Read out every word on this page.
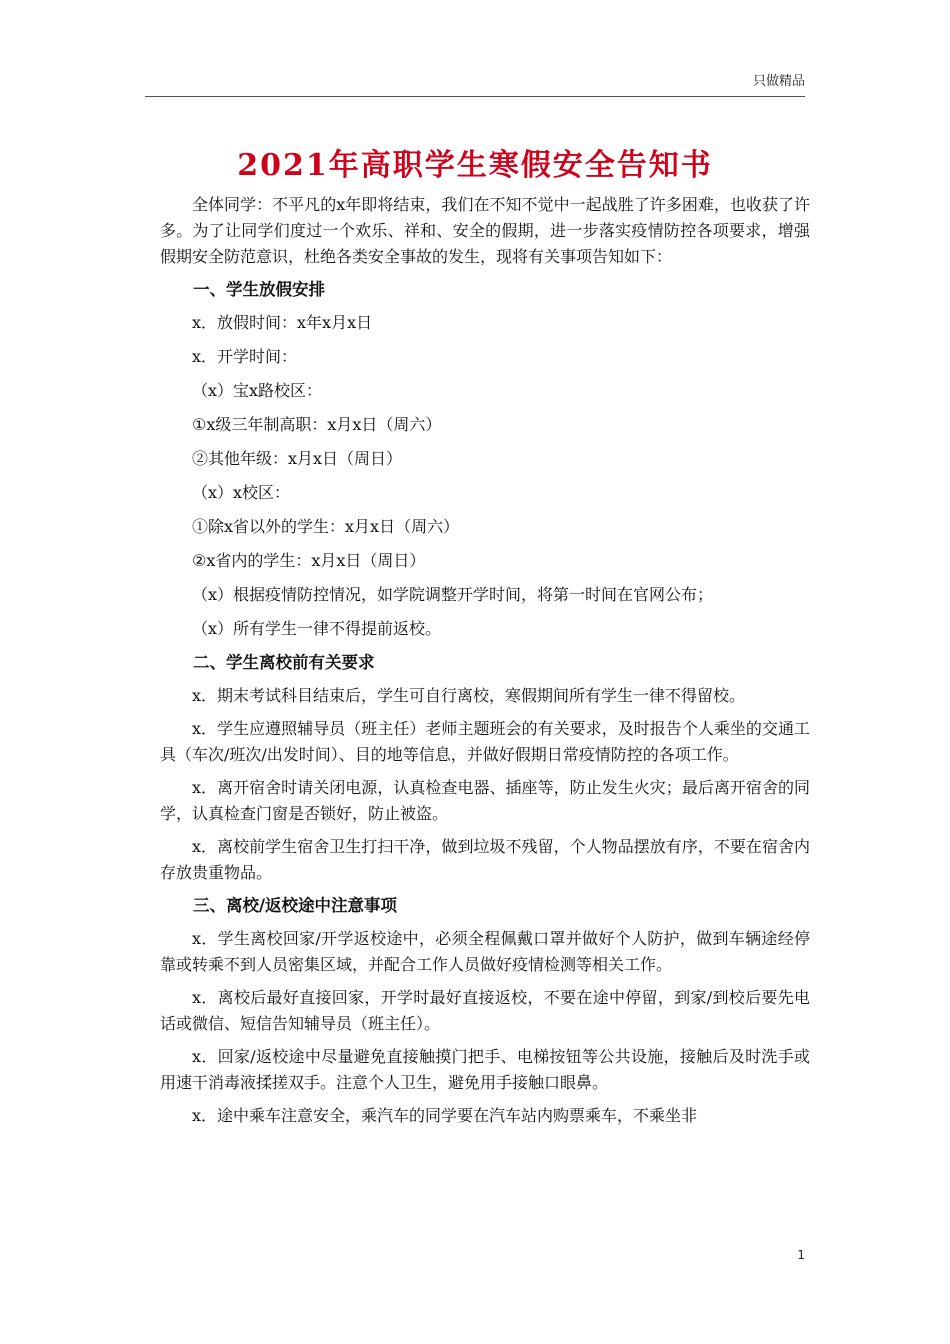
只做精品
2021年高职学生寒假安全告知书

全体同学：不平凡的x年即将结束，我们在不知不觉中一起战胜了许多困难，也收获了许多。为了让同学们度过一个欢乐、祥和、安全的假期，进一步落实疫情防控各项要求，增强假期安全防范意识，杜绝各类安全事故的发生，现将有关事项告知如下：

一、学生放假安排

x．放假时间：x年x月x日

x．开学时间：

（x）宝x路校区：

①x级三年制高职：x月x日（周六）

②其他年级：x月x日（周日）

（x）x校区：

①除x省以外的学生：x月x日（周六）

②x省内的学生：x月x日（周日）

（x）根据疫情防控情况，如学院调整开学时间，将第一时间在官网公布；

（x）所有学生一律不得提前返校。

二、学生离校前有关要求

x．期末考试科目结束后，学生可自行离校，寒假期间所有学生一律不得留校。

x．学生应遵照辅导员（班主任）老师主题班会的有关要求，及时报告个人乘坐的交通工具（车次/班次/出发时间）、目的地等信息，并做好假期日常疫情防控的各项工作。

x．离开宿舍时请关闭电源，认真检查电器、插座等，防止发生火灾；最后离开宿舍的同学，认真检查门窗是否锁好，防止被盗。

x．离校前学生宿舍卫生打扫干净，做到垃圾不残留，个人物品摆放有序，不要在宿舍内存放贵重物品。

三、离校/返校途中注意事项

x．学生离校回家/开学返校途中，必须全程佩戴口罩并做好个人防护，做到车辆途经停靠或转乘不到人员密集区域，并配合工作人员做好疫情检测等相关工作。

x．离校后最好直接回家，开学时最好直接返校，不要在途中停留，到家/到校后要先电话或微信、短信告知辅导员（班主任）。

x．回家/返校途中尽量避免直接触摸门把手、电梯按钮等公共设施，接触后及时洗手或用速干消毒液揉搓双手。注意个人卫生，避免用手接触口眼鼻。

x．途中乘车注意安全，乘汽车的同学要在汽车站内购票乘车，不乘坐非

1
